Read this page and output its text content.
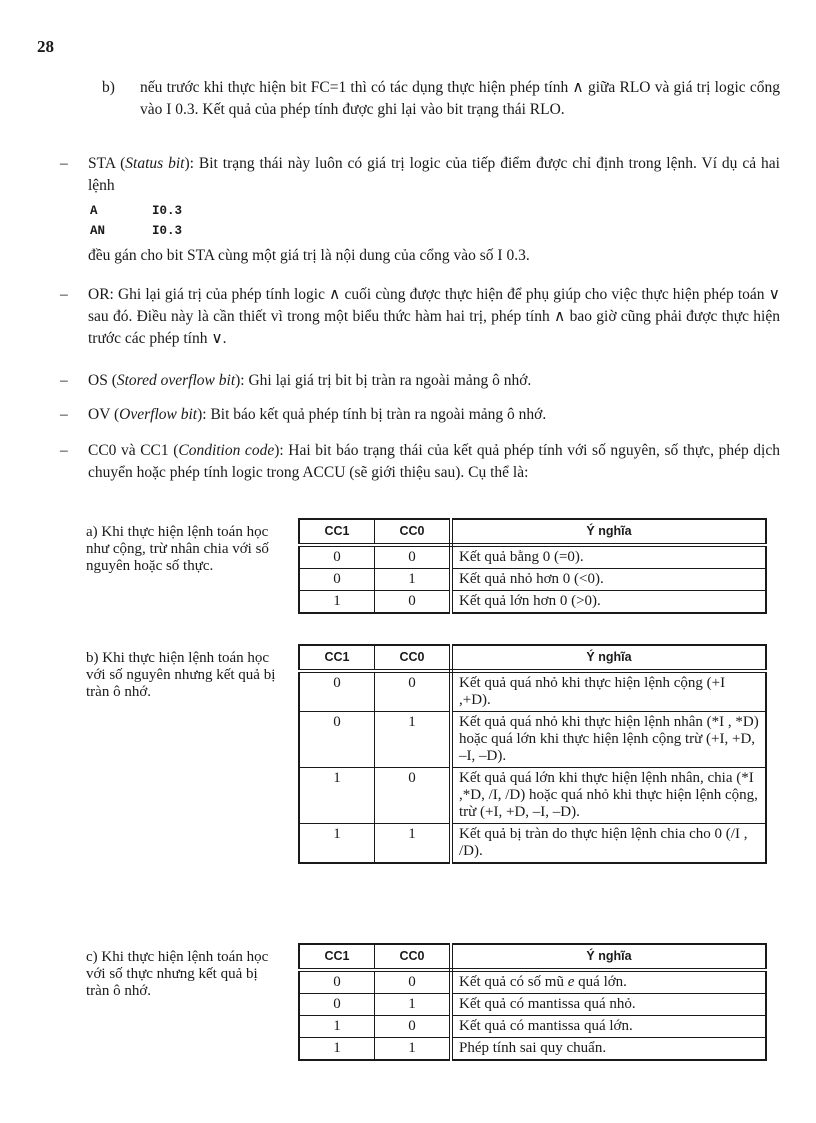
28
b) nếu trước khi thực hiện bit FC=1 thì có tác dụng thực hiện phép tính ∧ giữa RLO và giá trị logic cổng vào I 0.3. Kết quả của phép tính được ghi lại vào bit trạng thái RLO.
– STA (Status bit): Bit trạng thái này luôn có giá trị logic của tiếp điểm được chỉ định trong lệnh. Ví dụ cả hai lệnh
A	I0.3
AN	I0.3
đều gán cho bit STA cùng một giá trị là nội dung của cổng vào số I 0.3.
– OR: Ghi lại giá trị của phép tính logic ∧ cuối cùng được thực hiện để phụ giúp cho việc thực hiện phép toán ∨ sau đó. Điều này là cần thiết vì trong một biểu thức hàm hai trị, phép tính ∧ bao giờ cũng phải được thực hiện trước các phép tính ∨.
– OS (Stored overflow bit): Ghi lại giá trị bit bị tràn ra ngoài mảng ô nhớ.
– OV (Overflow bit): Bit báo kết quả phép tính bị tràn ra ngoài mảng ô nhớ.
– CC0 và CC1 (Condition code): Hai bit báo trạng thái của kết quả phép tính với số nguyên, số thực, phép dịch chuyển hoặc phép tính logic trong ACCU (sẽ giới thiệu sau). Cụ thể là:
a) Khi thực hiện lệnh toán học như cộng, trừ nhân chia với số nguyên hoặc số thực.
CC1	CC0	Ý nghĩa
0	0	Kết quả bằng 0 (=0).
0	1	Kết quả nhỏ hơn 0 (<0).
1	0	Kết quả lớn hơn 0 (>0).
b) Khi thực hiện lệnh toán học với số nguyên nhưng kết quả bị tràn ô nhớ.
CC1	CC0	Ý nghĩa
0	0	Kết quả quá nhỏ khi thực hiện lệnh cộng (+I ,+D).
0	1	Kết quả quá nhỏ khi thực hiện lệnh nhân (*I , *D) hoặc quá lớn khi thực hiện lệnh cộng trừ (+I, +D, –I, –D).
1	0	Kết quả quá lớn khi thực hiện lệnh nhân, chia (*I ,*D, /I, /D) hoặc quá nhỏ khi thực hiện lệnh cộng, trừ (+I, +D, –I, –D).
1	1	Kết quả bị tràn do thực hiện lệnh chia cho 0 (/I , /D).
c) Khi thực hiện lệnh toán học với số thực nhưng kết quả bị tràn ô nhớ.
CC1	CC0	Ý nghĩa
0	0	Kết quả có số mũ e quá lớn.
0	1	Kết quả có mantissa quá nhỏ.
1	0	Kết quả có mantissa quá lớn.
1	1	Phép tính sai quy chuẩn.
